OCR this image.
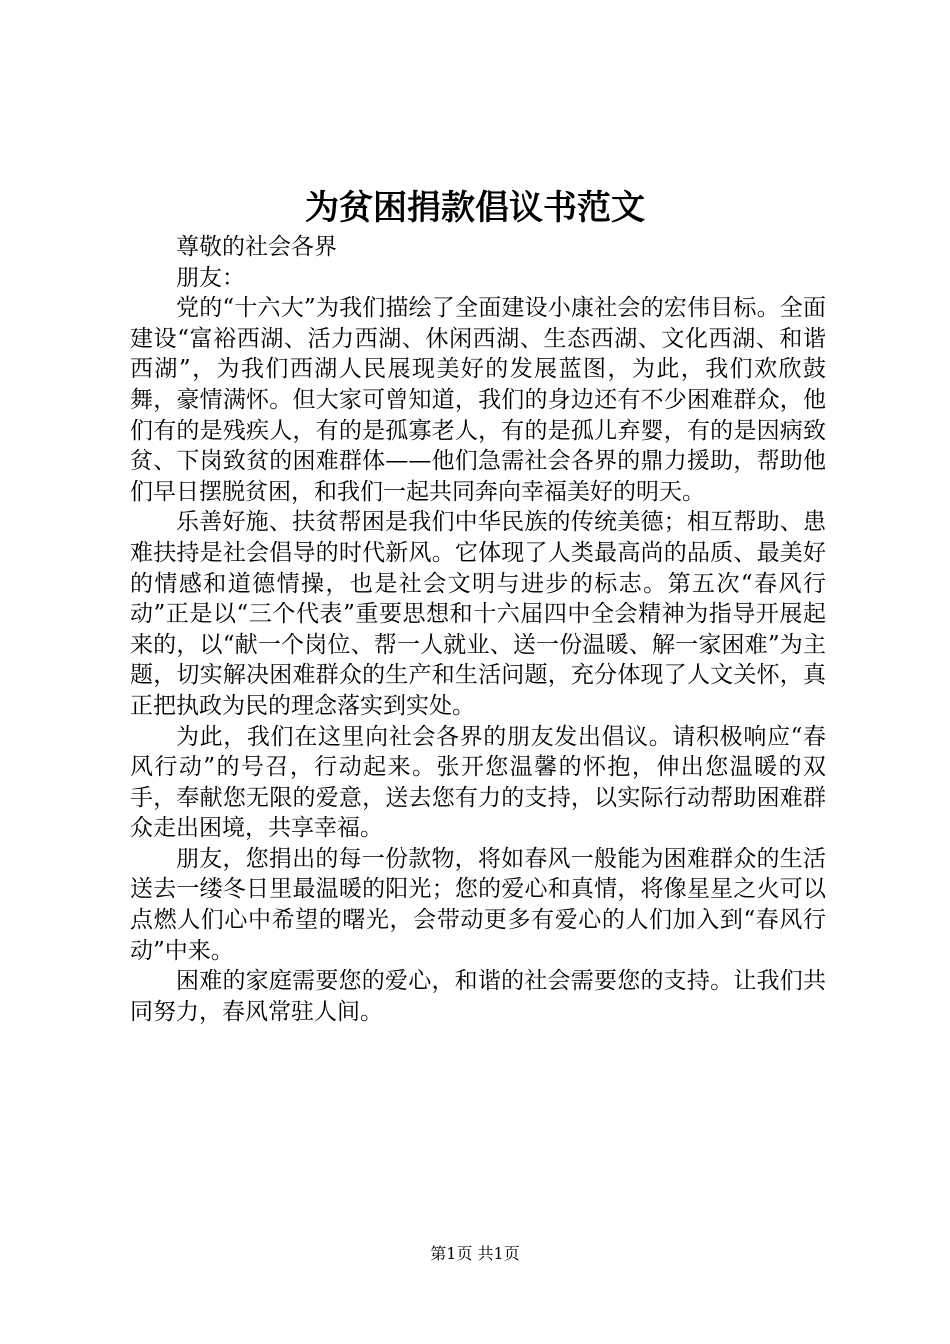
为贫困捐款倡议书范文

尊敬的社会各界

朋友：

党的“十六大”为我们描绘了全面建设小康社会的宏伟目标。全面建设“富裕西湖、活力西湖、休闲西湖、生态西湖、文化西湖、和谐西湖”，为我们西湖人民展现美好的发展蓝图，为此，我们欢欣鼓舞，豪情满怀。但大家可曾知道，我们的身边还有不少困难群众，他们有的是残疾人，有的是孤寡老人，有的是孤儿弃婴，有的是因病致贫、下岗致贫的困难群体——他们急需社会各界的鼎力援助，帮助他们早日摆脱贫困，和我们一起共同奔向幸福美好的明天。

乐善好施、扶贫帮困是我们中华民族的传统美德；相互帮助、患难扶持是社会倡导的时代新风。它体现了人类最高尚的品质、最美好的情感和道德情操，也是社会文明与进步的标志。第五次“春风行动”正是以“三个代表”重要思想和十六届四中全会精神为指导开展起来的，以“献一个岗位、帮一人就业、送一份温暖、解一家困难”为主题，切实解决困难群众的生产和生活问题，充分体现了人文关怀，真正把执政为民的理念落实到实处。

为此，我们在这里向社会各界的朋友发出倡议。请积极响应“春风行动”的号召，行动起来。张开您温馨的怀抱，伸出您温暖的双手，奉献您无限的爱意，送去您有力的支持，以实际行动帮助困难群众走出困境，共享幸福。

朋友，您捐出的每一份款物，将如春风一般能为困难群众的生活送去一缕冬日里最温暖的阳光；您的爱心和真情，将像星星之火可以点燃人们心中希望的曙光，会带动更多有爱心的人们加入到“春风行动”中来。

困难的家庭需要您的爱心，和谐的社会需要您的支持。让我们共同努力，春风常驻人间。

第1页 共1页
